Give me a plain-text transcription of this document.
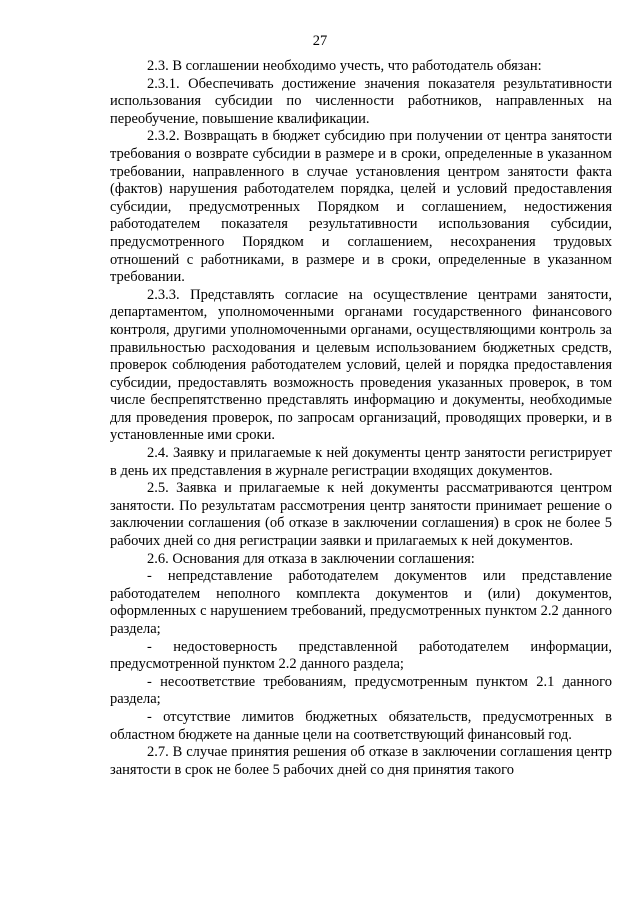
27

2.3. В соглашении необходимо учесть, что работодатель обязан:

2.3.1. Обеспечивать достижение значения показателя результативности использования субсидии по численности работников, направленных на переобучение, повышение квалификации.

2.3.2. Возвращать в бюджет субсидию при получении от центра занятости требования о возврате субсидии в размере и в сроки, определенные в указанном требовании, направленного в случае установления центром занятости факта (фактов) нарушения работодателем порядка, целей и условий предоставления субсидии, предусмотренных Порядком и соглашением, недостижения работодателем показателя результативности использования субсидии, предусмотренного Порядком и соглашением, несохранения трудовых отношений с работниками, в размере и в сроки, определенные в указанном требовании.

2.3.3. Представлять согласие на осуществление центрами занятости, департаментом, уполномоченными органами государственного финансового контроля, другими уполномоченными органами, осуществляющими контроль за правильностью расходования и целевым использованием бюджетных средств, проверок соблюдения работодателем условий, целей и порядка предоставления субсидии, предоставлять возможность проведения указанных проверок, в том числе беспрепятственно представлять информацию и документы, необходимые для проведения проверок, по запросам организаций, проводящих проверки, и в установленные ими сроки.

2.4. Заявку и прилагаемые к ней документы центр занятости регистрирует в день их представления в журнале регистрации входящих документов.

2.5. Заявка и прилагаемые к ней документы рассматриваются центром занятости. По результатам рассмотрения центр занятости принимает решение о заключении соглашения (об отказе в заключении соглашения) в срок не более 5 рабочих дней со дня регистрации заявки и прилагаемых к ней документов.

2.6. Основания для отказа в заключении соглашения:

- непредставление работодателем документов или представление работодателем неполного комплекта документов и (или) документов, оформленных с нарушением требований, предусмотренных пунктом 2.2 данного раздела;

- недостоверность представленной работодателем информации, предусмотренной пунктом 2.2 данного раздела;

- несоответствие требованиям, предусмотренным пунктом 2.1 данного раздела;

- отсутствие лимитов бюджетных обязательств, предусмотренных в областном бюджете на данные цели на соответствующий финансовый год.

2.7. В случае принятия решения об отказе в заключении соглашения центр занятости в срок не более 5 рабочих дней со дня принятия такого
